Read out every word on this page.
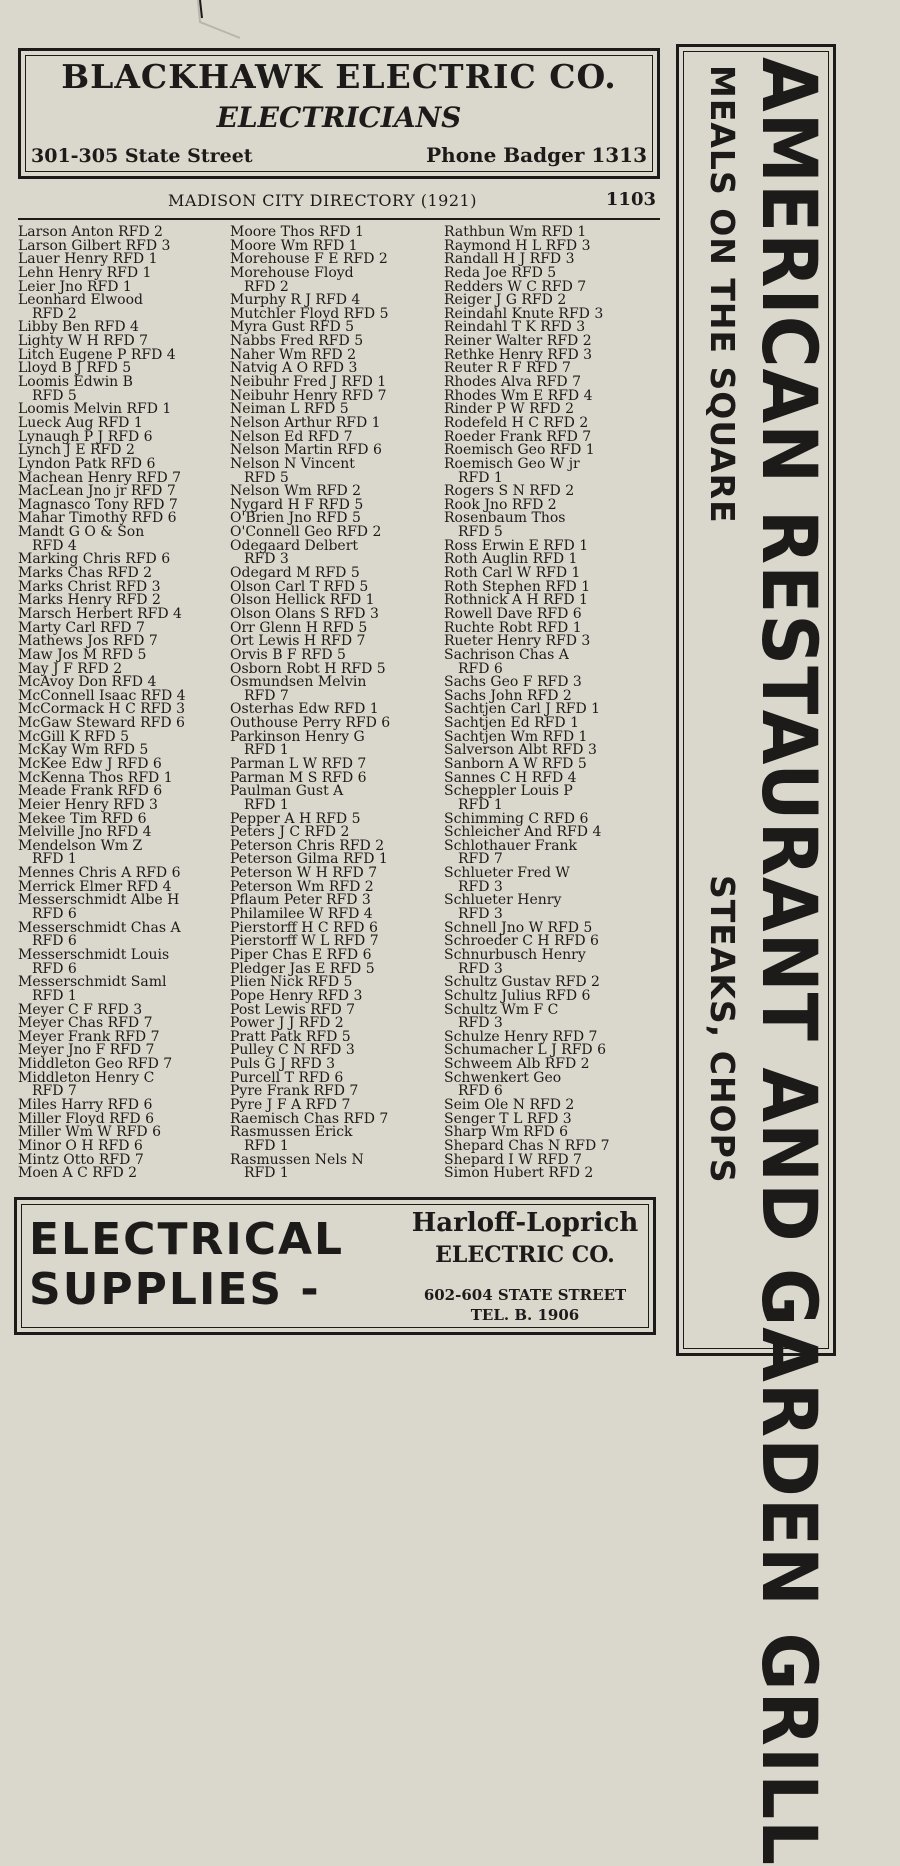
BLACKHAWK ELECTRIC CO.
ELECTRICIANS
301-305 State Street	Phone Badger 1313
MADISON CITY DIRECTORY (1921)	1103
Larson Anton RFD 2
Larson Gilbert RFD 3
Lauer Henry RFD 1
Lehn Henry RFD 1
Leier Jno RFD 1
Leonhard Elwood
RFD 2
Libby Ben RFD 4
Lighty W H RFD 7
Litch Eugene P RFD 4
Lloyd B J RFD 5
Loomis Edwin B
RFD 5
Loomis Melvin RFD 1
Lueck Aug RFD 1
Lynaugh P J RFD 6
Lynch J E RFD 2
Lyndon Patk RFD 6
Machean Henry RFD 7
MacLean Jno jr RFD 7
Magnasco Tony RFD 7
Mahar Timothy RFD 6
Mandt G O & Son
RFD 4
Marking Chris RFD 6
Marks Chas RFD 2
Marks Christ RFD 3
Marks Henry RFD 2
Marsch Herbert RFD 4
Marty Carl RFD 7
Mathews Jos RFD 7
Maw Jos M RFD 5
May J F RFD 2
McAvoy Don RFD 4
McConnell Isaac RFD 4
McCormack H C RFD 3
McGaw Steward RFD 6
McGill K RFD 5
McKay Wm RFD 5
McKee Edw J RFD 6
McKenna Thos RFD 1
Meade Frank RFD 6
Meier Henry RFD 3
Mekee Tim RFD 6
Melville Jno RFD 4
Mendelson Wm Z
RFD 1
Mennes Chris A RFD 6
Merrick Elmer RFD 4
Messerschmidt Albe H
RFD 6
Messerschmidt Chas A
RFD 6
Messerschmidt Louis
RFD 6
Messerschmidt Saml
RFD 1
Meyer C F RFD 3
Meyer Chas RFD 7
Meyer Frank RFD 7
Meyer Jno F RFD 7
Middleton Geo RFD 7
Middleton Henry C
RFD 7
Miles Harry RFD 6
Miller Floyd RFD 6
Miller Wm W RFD 6
Minor O H RFD 6
Mintz Otto RFD 7
Moen A C RFD 2
Moore Thos RFD 1
Moore Wm RFD 1
Morehouse F E RFD 2
Morehouse Floyd
RFD 2
Murphy R J RFD 4
Mutchler Floyd RFD 5
Myra Gust RFD 5
Nabbs Fred RFD 5
Naher Wm RFD 2
Natvig A O RFD 3
Neibuhr Fred J RFD 1
Neibuhr Henry RFD 7
Neiman L RFD 5
Nelson Arthur RFD 1
Nelson Ed RFD 7
Nelson Martin RFD 6
Nelson N Vincent
RFD 5
Nelson Wm RFD 2
Nygard H F RFD 5
O'Brien Jno RFD 5
O'Connell Geo RFD 2
Odegaard Delbert
RFD 3
Odegard M RFD 5
Olson Carl T RFD 5
Olson Hellick RFD 1
Olson Olans S RFD 3
Orr Glenn H RFD 5
Ort Lewis H RFD 7
Orvis B F RFD 5
Osborn Robt H RFD 5
Osmundsen Melvin
RFD 7
Osterhas Edw RFD 1
Outhouse Perry RFD 6
Parkinson Henry G
RFD 1
Parman L W RFD 7
Parman M S RFD 6
Paulman Gust A
RFD 1
Pepper A H RFD 5
Peters J C RFD 2
Peterson Chris RFD 2
Peterson Gilma RFD 1
Peterson W H RFD 7
Peterson Wm RFD 2
Pflaum Peter RFD 3
Philamilee W RFD 4
Pierstorff H C RFD 6
Pierstorff W L RFD 7
Piper Chas E RFD 6
Pledger Jas E RFD 5
Plien Nick RFD 5
Pope Henry RFD 3
Post Lewis RFD 7
Power J J RFD 2
Pratt Patk RFD 5
Pulley C N RFD 3
Puls G J RFD 3
Purcell T RFD 6
Pyre Frank RFD 7
Pyre J F A RFD 7
Raemisch Chas RFD 7
Rasmussen Erick
RFD 1
Rasmussen Nels N
RFD 1
Rathbun Wm RFD 1
Raymond H L RFD 3
Randall H J RFD 3
Reda Joe RFD 5
Redders W C RFD 7
Reiger J G RFD 2
Reindahl Knute RFD 3
Reindahl T K RFD 3
Reiner Walter RFD 2
Rethke Henry RFD 3
Reuter R F RFD 7
Rhodes Alva RFD 7
Rhodes Wm E RFD 4
Rinder P W RFD 2
Rodefeld H C RFD 2
Roeder Frank RFD 7
Roemisch Geo RFD 1
Roemisch Geo W jr
RFD 1
Rogers S N RFD 2
Rook Jno RFD 2
Rosenbaum Thos
RFD 5
Ross Erwin E RFD 1
Roth Auglin RFD 1
Roth Carl W RFD 1
Roth Stephen RFD 1
Rothnick A H RFD 1
Rowell Dave RFD 6
Ruchte Robt RFD 1
Rueter Henry RFD 3
Sachrison Chas A
RFD 6
Sachs Geo F RFD 3
Sachs John RFD 2
Sachtjen Carl J RFD 1
Sachtjen Ed RFD 1
Sachtjen Wm RFD 1
Salverson Albt RFD 3
Sanborn A W RFD 5
Sannes C H RFD 4
Scheppler Louis P
RFD 1
Schimming C RFD 6
Schleicher And RFD 4
Schlothauer Frank
RFD 7
Schlueter Fred W
RFD 3
Schlueter Henry
RFD 3
Schnell Jno W RFD 5
Schroeder C H RFD 6
Schnurbusch Henry
RFD 3
Schultz Gustav RFD 2
Schultz Julius RFD 6
Schultz Wm F C
RFD 3
Schulze Henry RFD 7
Schumacher L J RFD 6
Schweem Alb RFD 2
Schwenkert Geo
RFD 6
Seim Ole N RFD 2
Senger T L RFD 3
Sharp Wm RFD 6
Shepard Chas N RFD 7
Shepard I W RFD 7
Simon Hubert RFD 2
ELECTRICAL
SUPPLIES -
Harloff-Loprich
ELECTRIC CO.
602-604 STATE STREET
TEL. B. 1906	AMERICAN RESTAURANT AND GARDEN GRILL
MEALS ON THE SQUARE
STEAKS, CHOPS
